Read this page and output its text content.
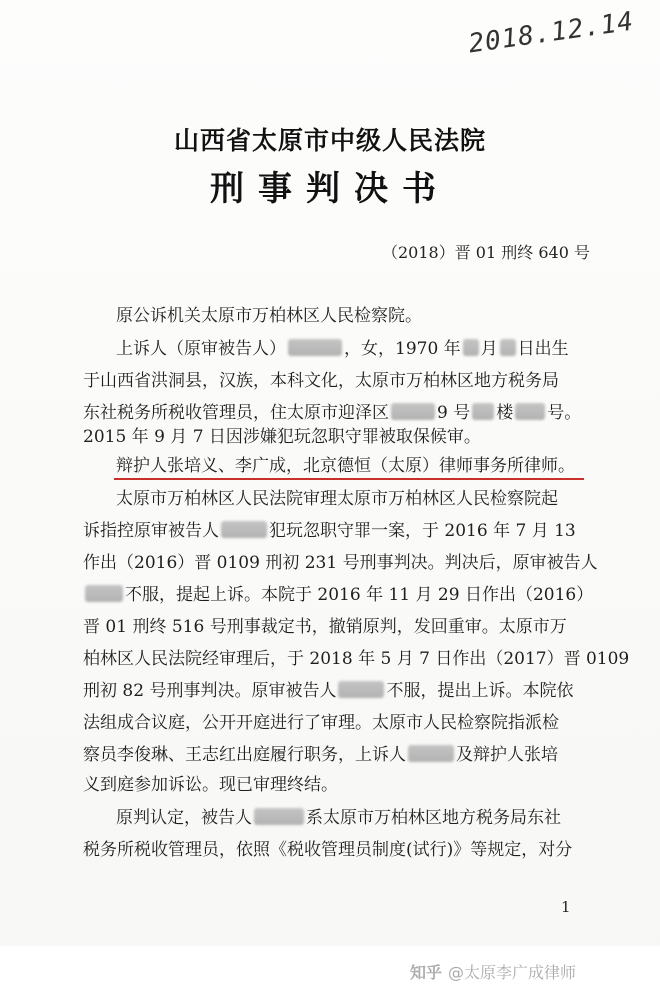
2018.12.14
山西省太原市中级人民法院
刑事判决书
（2018）晋 01 刑终 640 号
原公诉机关太原市万柏林区人民检察院。
上诉人（原审被告人）	，女，1970 年 月 日出生
于山西省洪洞县，汉族，本科文化，太原市万柏林区地方税务局
东社税务所税收管理员，住太原市迎泽区	9 号 楼 号。
2015 年 9 月 7 日因涉嫌犯玩忽职守罪被取保候审。
辩护人张培义、李广成，北京德恒（太原）律师事务所律师。
太原市万柏林区人民法院审理太原市万柏林区人民检察院起
诉指控原审被告人	犯玩忽职守罪一案，于 2016 年 7 月 13
作出（2016）晋 0109 刑初 231 号刑事判决。判决后，原审被告人
不服，提起上诉。本院于 2016 年 11 月 29 日作出（2016）
晋 01 刑终 516 号刑事裁定书，撤销原判，发回重审。太原市万
柏林区人民法院经审理后，于 2018 年 5 月 7 日作出（2017）晋 0109
刑初 82 号刑事判决。原审被告人	不服，提出上诉。本院依
法组成合议庭，公开开庭进行了审理。太原市人民检察院指派检
察员李俊琳、王志红出庭履行职务，上诉人	及辩护人张培
义到庭参加诉讼。现已审理终结。
原判认定，被告人	系太原市万柏林区地方税务局东社
税务所税收管理员，依照《税收管理员制度(试行)》等规定，对分
1
知乎 @太原李广成律师
